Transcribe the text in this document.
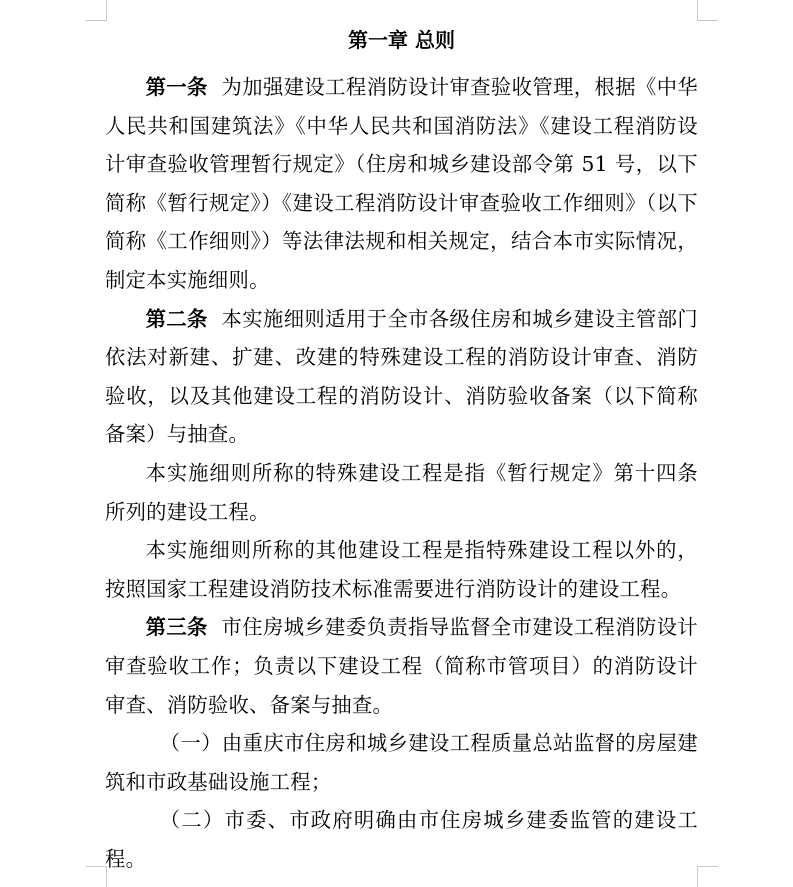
第一章 总则

第一条 为加强建设工程消防设计审查验收管理，根据《中华人民共和国建筑法》《中华人民共和国消防法》《建设工程消防设计审查验收管理暂行规定》（住房和城乡建设部令第 51 号，以下简称《暂行规定》）《建设工程消防设计审查验收工作细则》（以下简称《工作细则》）等法律法规和相关规定，结合本市实际情况，制定本实施细则。

第二条 本实施细则适用于全市各级住房和城乡建设主管部门依法对新建、扩建、改建的特殊建设工程的消防设计审查、消防验收，以及其他建设工程的消防设计、消防验收备案（以下简称备案）与抽查。

本实施细则所称的特殊建设工程是指《暂行规定》第十四条所列的建设工程。

本实施细则所称的其他建设工程是指特殊建设工程以外的，按照国家工程建设消防技术标准需要进行消防设计的建设工程。

第三条 市住房城乡建委负责指导监督全市建设工程消防设计审查验收工作；负责以下建设工程（简称市管项目）的消防设计审查、消防验收、备案与抽查。

（一）由重庆市住房和城乡建设工程质量总站监督的房屋建筑和市政基础设施工程；

（二）市委、市政府明确由市住房城乡建委监管的建设工程。
